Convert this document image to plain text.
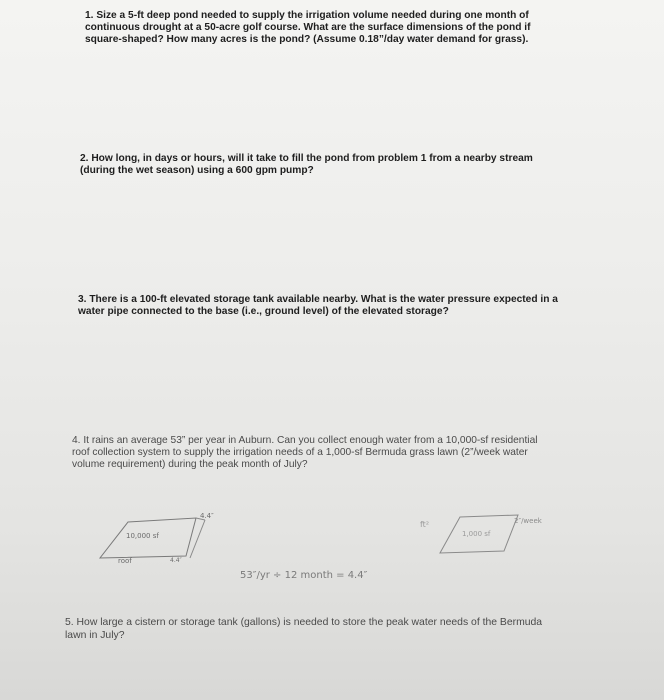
1. Size a 5-ft deep pond needed to supply the irrigation volume needed during one month of continuous drought at a 50-acre golf course. What are the surface dimensions of the pond if square-shaped? How many acres is the pond? (Assume 0.18”/day water demand for grass).
2. How long, in days or hours, will it take to fill the pond from problem 1 from a nearby stream (during the wet season) using a 600 gpm pump?
3. There is a 100-ft elevated storage tank available nearby. What is the water pressure expected in a water pipe connected to the base (i.e., ground level) of the elevated storage?
4. It rains an average 53” per year in Auburn. Can you collect enough water from a 10,000-sf residential roof collection system to supply the irrigation needs of a 1,000-sf Bermuda grass lawn (2”/week water volume requirement) during the peak month of July?
10,000 sf
roof
4.4″
4.4″
ft²
1,000 sf
2″/week
53″/yr ÷ 12 month = 4.4″
5. How large a cistern or storage tank (gallons) is needed to store the peak water needs of the Bermuda lawn in July?
